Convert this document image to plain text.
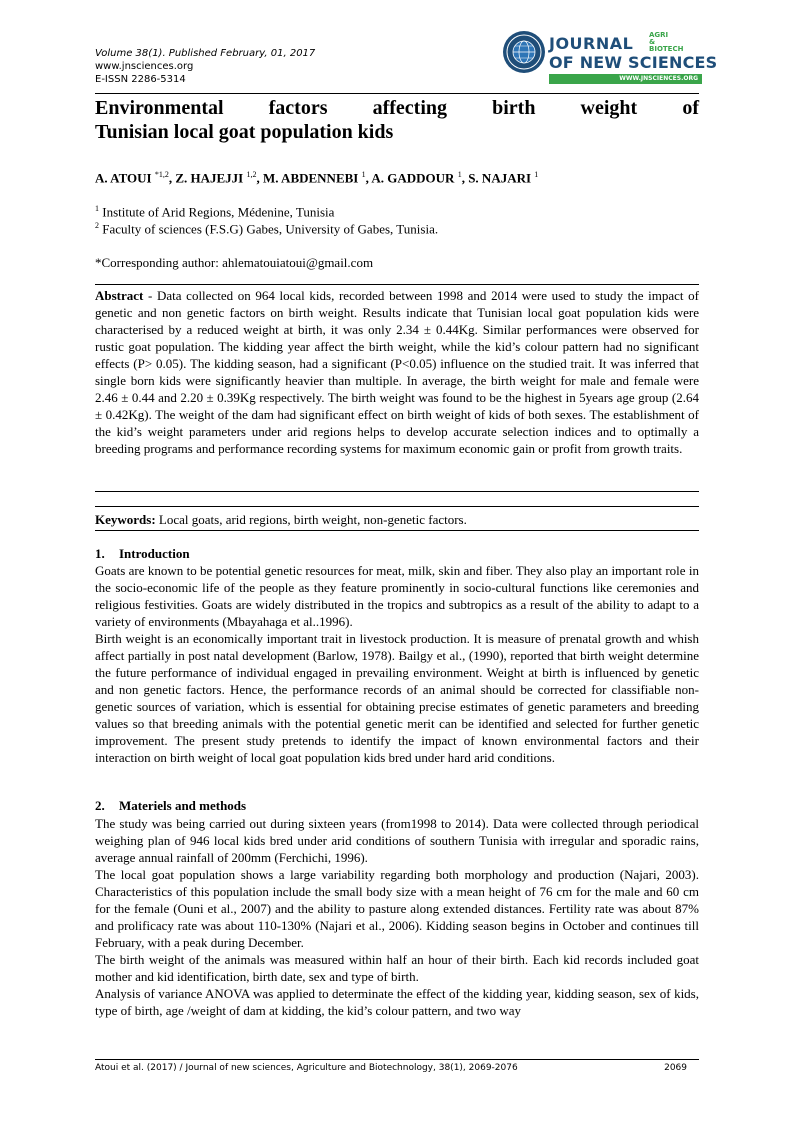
Volume 38(1). Published February, 01, 2017
www.jnsciences.org
E-ISSN 2286-5314
JOURNAL AGRI
&
BIOTECH
OF NEW SCIENCES
WWW.JNSCIENCES.ORG
Environmental factors affecting birth weight of
Tunisian local goat population kids
A. ATOUI $^{*1,2}$, Z. HAJEJJI $^{1,2}$, M. ABDENNEBI $^1$, A. GADDOUR $^1$, S. NAJARI $^1$
$^1$ Institute of Arid Regions, Médenine, Tunisia
$^2$ Faculty of sciences (F.S.G) Gabes, University of Gabes, Tunisia.
*Corresponding author: ahlematouiatoui@gmail.com
Abstract - Data collected on 964 local kids, recorded between 1998 and 2014 were used to study the impact of genetic and non genetic factors on birth weight. Results indicate that Tunisian local goat population kids were characterised by a reduced weight at birth, it was only 2.34 ± 0.44Kg. Similar performances were observed for rustic goat population. The kidding year affect the birth weight, while the kid’s colour pattern had no significant effects (P> 0.05). The kidding season, had a significant (P<0.05) influence on the studied trait. It was inferred that single born kids were significantly heavier than multiple. In average, the birth weight for male and female were 2.46 ± 0.44 and 2.20 ± 0.39Kg respectively. The birth weight was found to be the highest in 5years age group (2.64 ± 0.42Kg). The weight of the dam had significant effect on birth weight of kids of both sexes. The establishment of the kid’s weight parameters under arid regions helps to develop accurate selection indices and to optimally a breeding programs and performance recording systems for maximum economic gain or profit from growth traits.
Keywords: Local goats, arid regions, birth weight, non-genetic factors.
1. Introduction
Goats are known to be potential genetic resources for meat, milk, skin and fiber. They also play an important role in the socio-economic life of the people as they feature prominently in socio-cultural functions like ceremonies and religious festivities. Goats are widely distributed in the tropics and subtropics as a result of the ability to adapt to a variety of environments (Mbayahaga et al..1996).
Birth weight is an economically important trait in livestock production. It is measure of prenatal growth and whish affect partially in post natal development (Barlow, 1978). Bailgy et al., (1990), reported that birth weight determine the future performance of individual engaged in prevailing environment. Weight at birth is influenced by genetic and non genetic factors. Hence, the performance records of an animal should be corrected for classifiable non-genetic sources of variation, which is essential for obtaining precise estimates of genetic parameters and breeding values so that breeding animals with the potential genetic merit can be identified and selected for further genetic improvement. The present study pretends to identify the impact of known environmental factors and their interaction on birth weight of local goat population kids bred under hard arid conditions.
2. Materiels and methods
The study was being carried out during sixteen years (from1998 to 2014). Data were collected through periodical weighing plan of 946 local kids bred under arid conditions of southern Tunisia with irregular and sporadic rains, average annual rainfall of 200mm (Ferchichi, 1996).
The local goat population shows a large variability regarding both morphology and production (Najari, 2003). Characteristics of this population include the small body size with a mean height of 76 cm for the male and 60 cm for the female (Ouni et al., 2007) and the ability to pasture along extended distances. Fertility rate was about 87% and prolificacy rate was about 110-130% (Najari et al., 2006). Kidding season begins in October and continues till February, with a peak during December.
The birth weight of the animals was measured within half an hour of their birth. Each kid records included goat mother and kid identification, birth date, sex and type of birth.
Analysis of variance ANOVA was applied to determinate the effect of the kidding year, kidding season, sex of kids, type of birth, age /weight of dam at kidding, the kid’s colour pattern, and two way
Atoui et al. (2017) / Journal of new sciences, Agriculture and Biotechnology, 38(1), 2069-2076	2069
